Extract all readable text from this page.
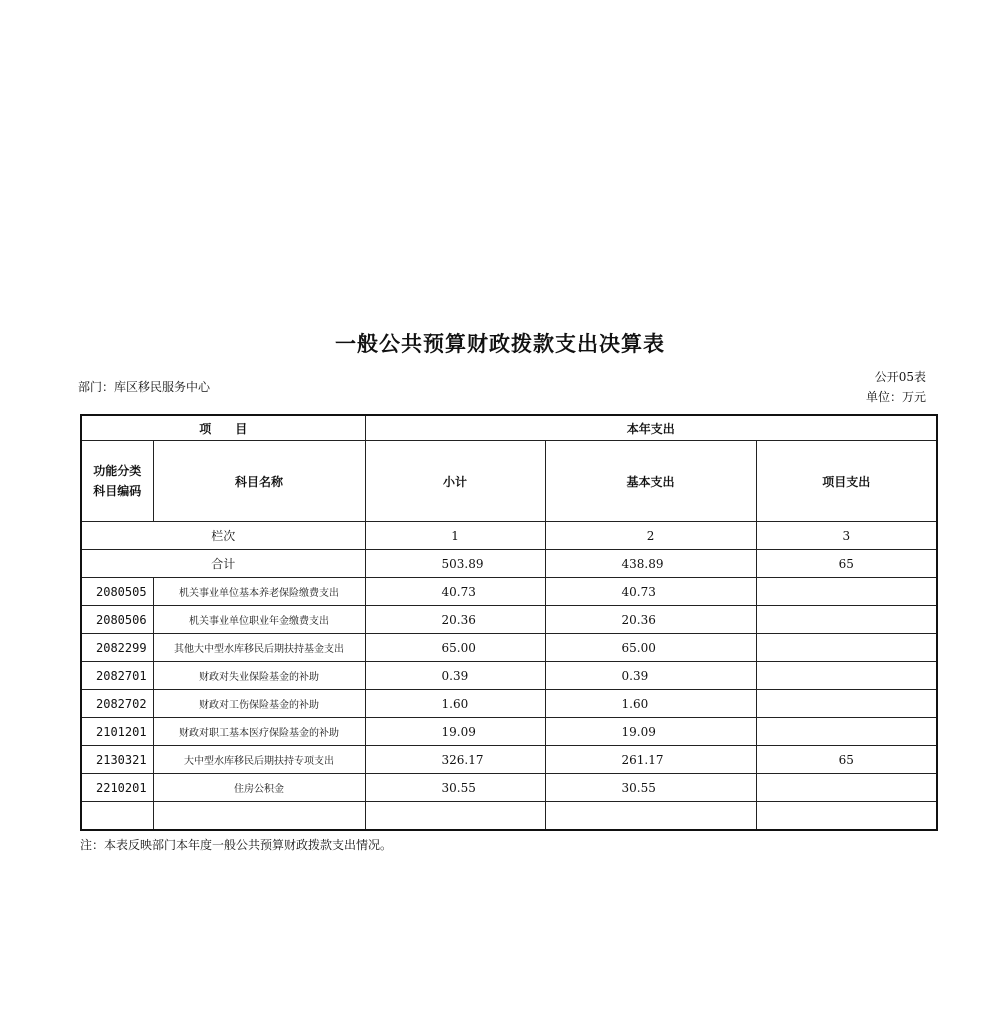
一般公共预算财政拨款支出决算表
部门：库区移民服务中心
公开05表
单位：万元
项　　目		本年支出		

功能分类
科目编码	科目名称	小计	基本支出	项目支出
栏次		1	2	3
合计		503.89	438.89	65
2080505	机关事业单位基本养老保险缴费支出	40.73	40.73	
2080506	机关事业单位职业年金缴费支出	20.36	20.36	
2082299	其他大中型水库移民后期扶持基金支出	65.00	65.00	
2082701	财政对失业保险基金的补助	0.39	0.39	
2082702	财政对工伤保险基金的补助	1.60	1.60	
2101201	财政对职工基本医疗保险基金的补助	19.09	19.09	
2130321	大中型水库移民后期扶持专项支出	326.17	261.17	65
2210201	住房公积金	30.55	30.55	

注：本表反映部门本年度一般公共预算财政拨款支出情况。
